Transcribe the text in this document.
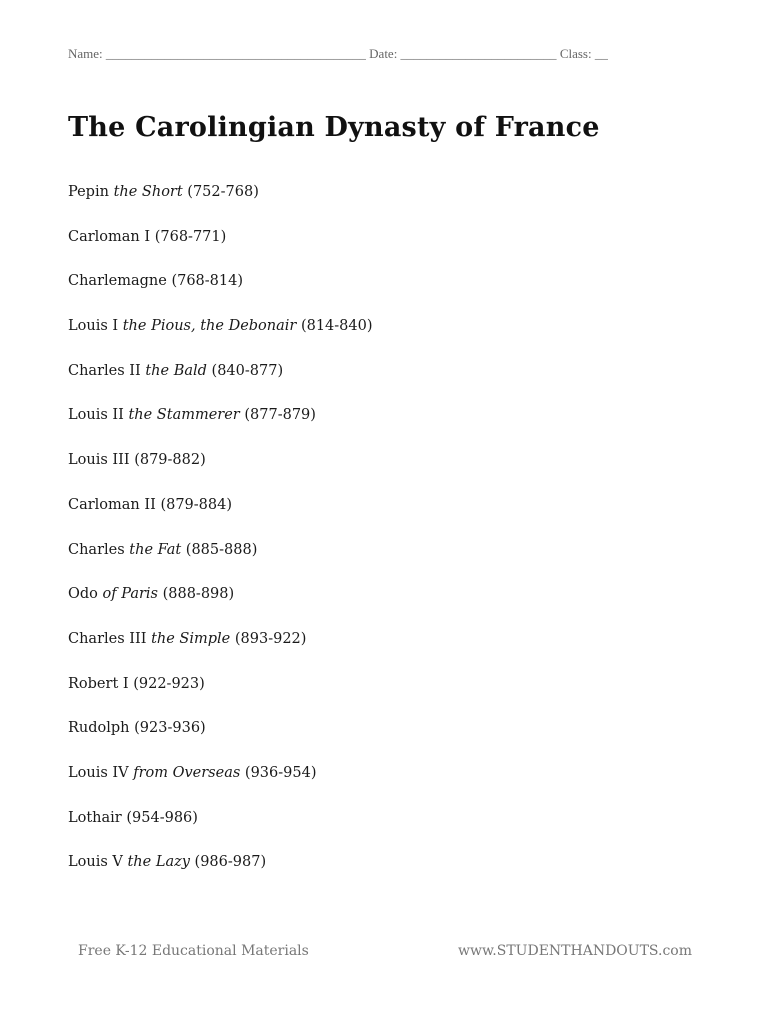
Name: ________________________________________ Date: ________________________ Class: __
The Carolingian Dynasty of France
Pepin the Short (752-768)
Carloman I (768-771)
Charlemagne (768-814)
Louis I the Pious, the Debonair (814-840)
Charles II the Bald (840-877)
Louis II the Stammerer (877-879)
Louis III (879-882)
Carloman II (879-884)
Charles the Fat (885-888)
Odo of Paris (888-898)
Charles III the Simple (893-922)
Robert I (922-923)
Rudolph (923-936)
Louis IV from Overseas (936-954)
Lothair (954-986)
Louis V the Lazy (986-987)
Free K-12 Educational Materials	www.STUDENTHANDOUTS.com
